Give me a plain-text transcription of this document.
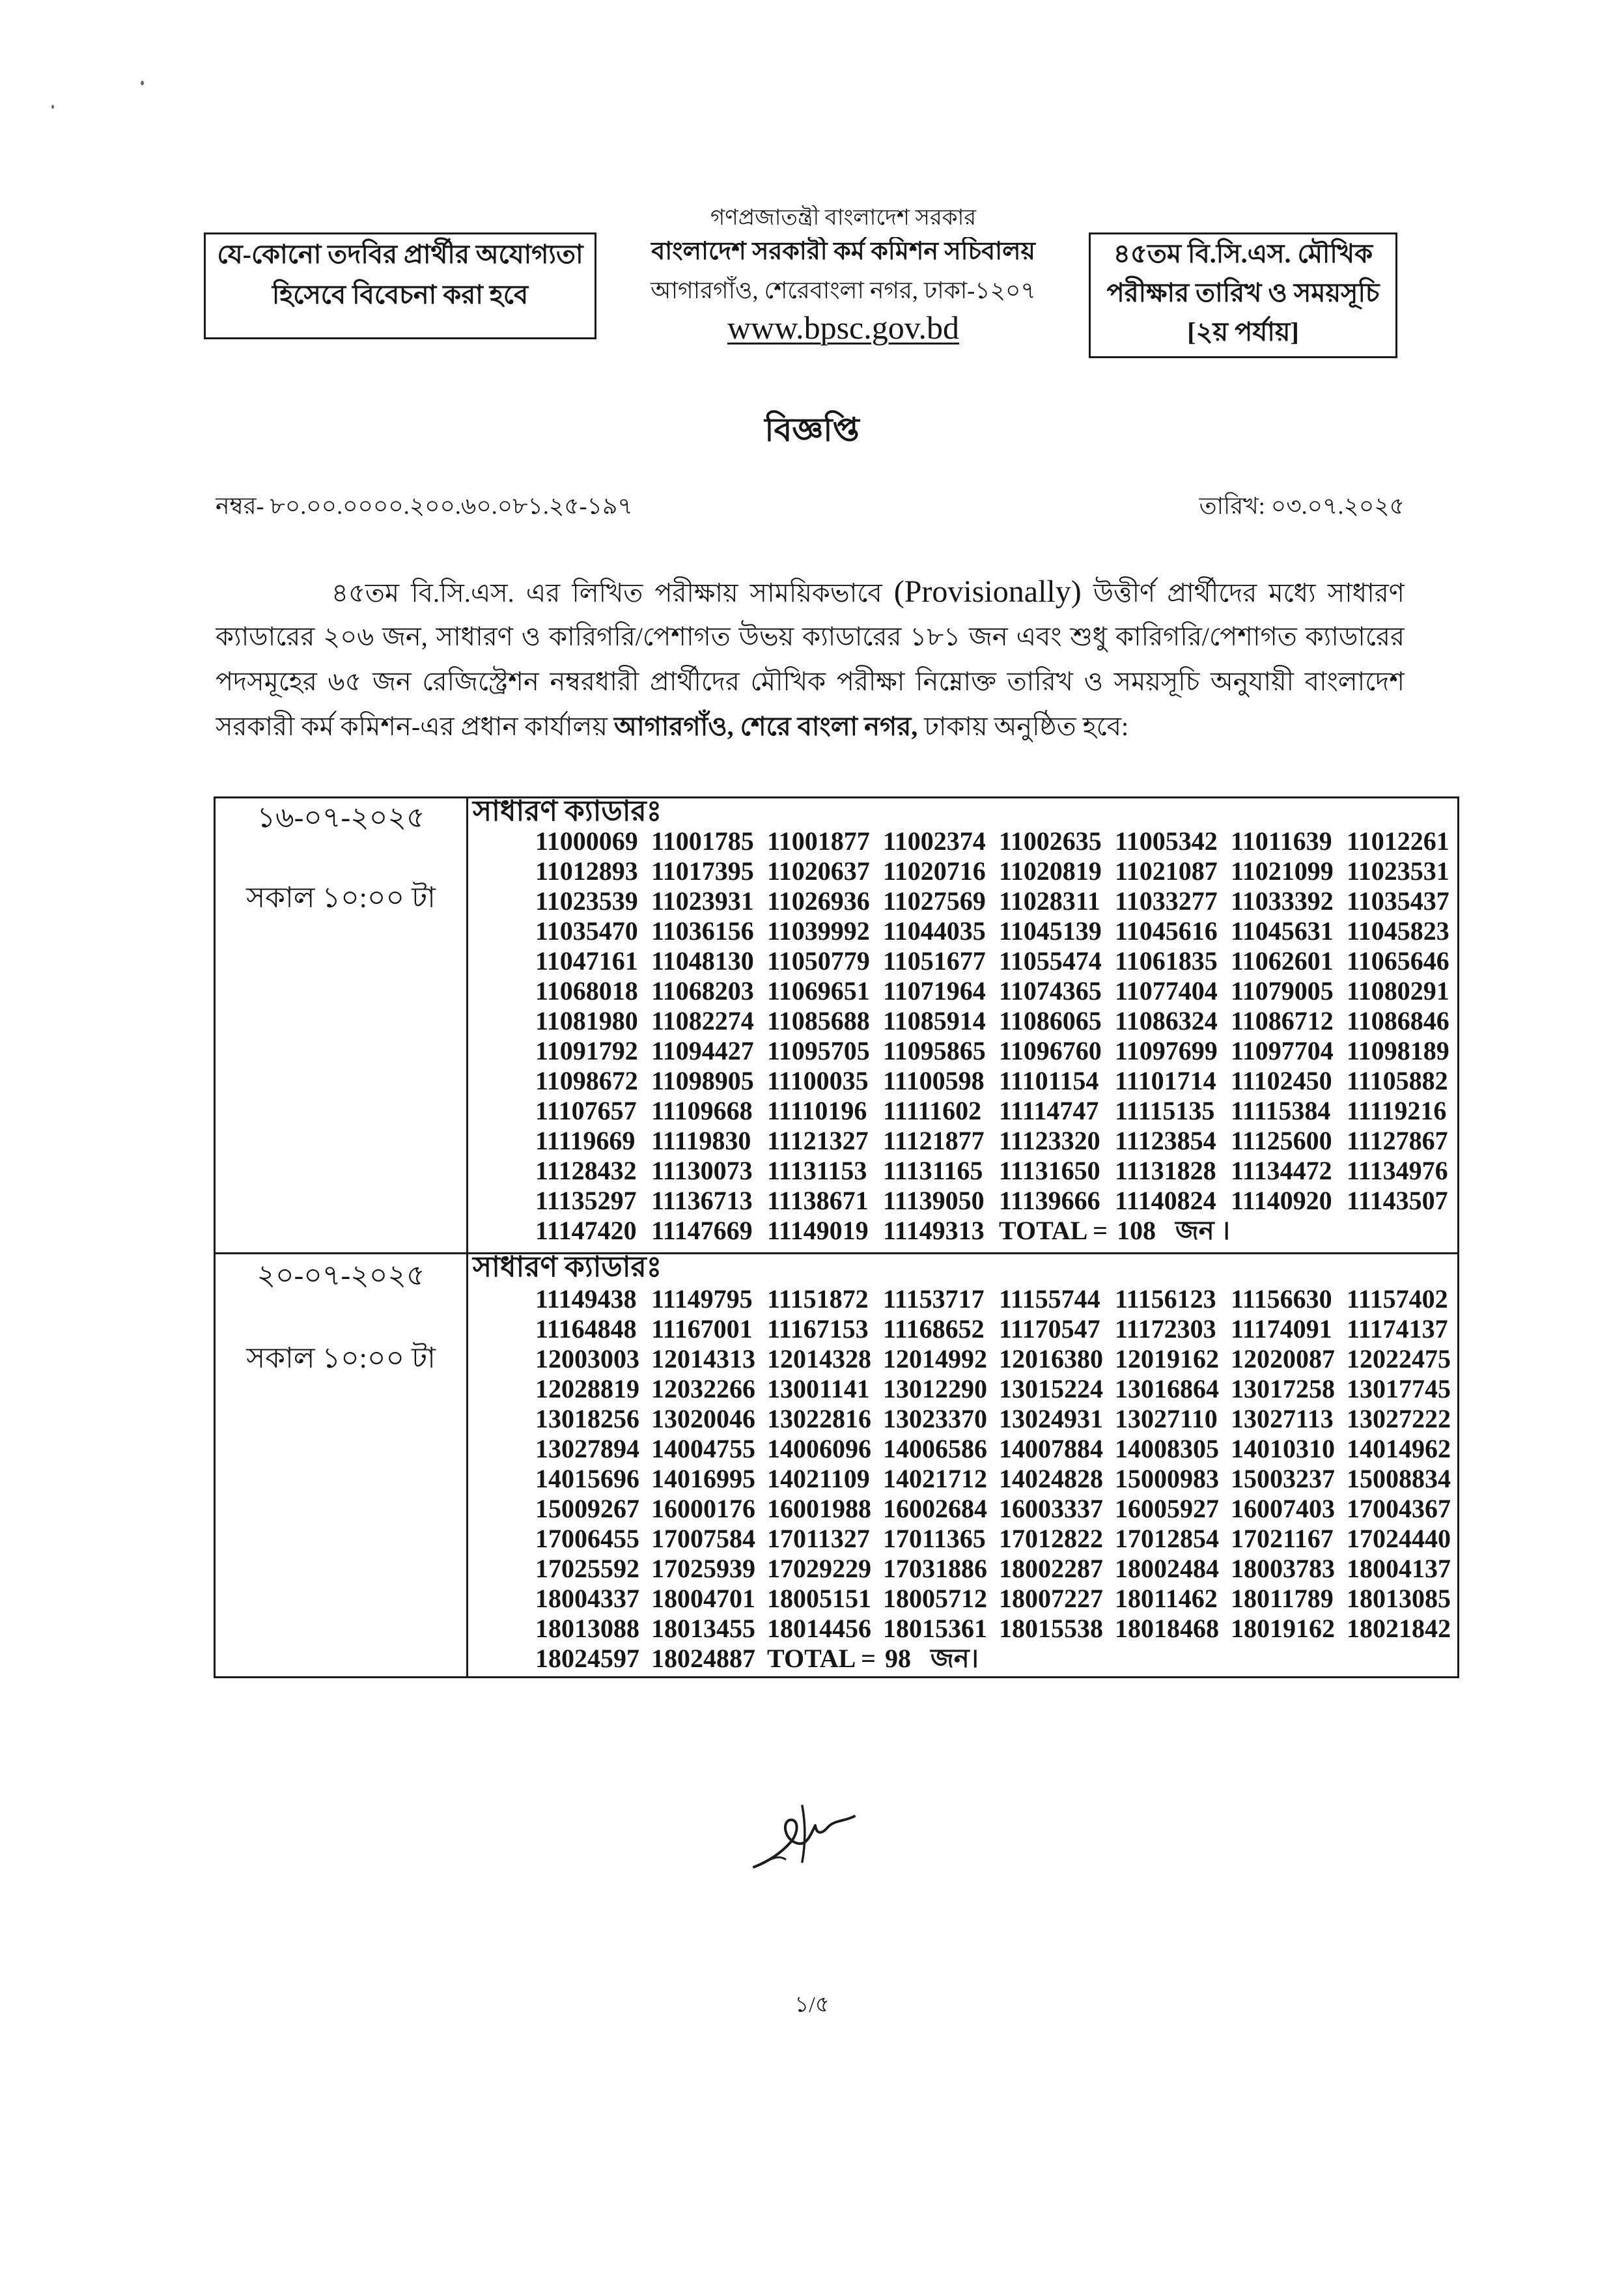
গণপ্রজাতন্ত্রী বাংলাদেশ সরকার
বাংলাদেশ সরকারী কর্ম কমিশন সচিবালয়
আগারগাঁও, শেরেবাংলা নগর, ঢাকা-১২০৭
www.bpsc.gov.bd
যে-কোনো তদবির প্রার্থীর অযোগ্যতা
হিসেবে বিবেচনা করা হবে
৪৫তম বি.সি.এস. মৌখিক
পরীক্ষার তারিখ ও সময়সূচি
[২য় পর্যায়]
বিজ্ঞপ্তি
নম্বর- ৮০.০০.০০০০.২০০.৬০.০৮১.২৫-১৯৭	তারিখ: ০৩.০৭.২০২৫
৪৫তম বি.সি.এস. এর লিখিত পরীক্ষায় সাময়িকভাবে (Provisionally) উত্তীর্ণ প্রার্থীদের মধ্যে সাধারণ
ক্যাডারের ২০৬ জন, সাধারণ ও কারিগরি/পেশাগত উভয় ক্যাডারের ১৮১ জন এবং শুধু কারিগরি/পেশাগত ক্যাডারের
পদসমূহের ৬৫ জন রেজিস্ট্রেশন নম্বরধারী প্রার্থীদের মৌখিক পরীক্ষা নিম্নোক্ত তারিখ ও সময়সূচি অনুযায়ী বাংলাদেশ
সরকারী কর্ম কমিশন-এর প্রধান কার্যালয় আগারগাঁও, শেরে বাংলা নগর, ঢাকায় অনুষ্ঠিত হবে:
১৬-০৭-২০২৫
সকাল ১০:০০ টা
সাধারণ ক্যাডারঃ
11000069 11001785 11001877 11002374 11002635 11005342 11011639 11012261
11012893 11017395 11020637 11020716 11020819 11021087 11021099 11023531
11023539 11023931 11026936 11027569 11028311 11033277 11033392 11035437
11035470 11036156 11039992 11044035 11045139 11045616 11045631 11045823
11047161 11048130 11050779 11051677 11055474 11061835 11062601 11065646
11068018 11068203 11069651 11071964 11074365 11077404 11079005 11080291
11081980 11082274 11085688 11085914 11086065 11086324 11086712 11086846
11091792 11094427 11095705 11095865 11096760 11097699 11097704 11098189
11098672 11098905 11100035 11100598 11101154 11101714 11102450 11105882
11107657 11109668 11110196 11111602 11114747 11115135 11115384 11119216
11119669 11119830 11121327 11121877 11123320 11123854 11125600 11127867
11128432 11130073 11131153 11131165 11131650 11131828 11134472 11134976
11135297 11136713 11138671 11139050 11139666 11140824 11140920 11143507
11147420 11147669 11149019 11149313 TOTAL = 108 জন ।
২০-০৭-২০২৫
সকাল ১০:০০ টা
সাধারণ ক্যাডারঃ
11149438 11149795 11151872 11153717 11155744 11156123 11156630 11157402
11164848 11167001 11167153 11168652 11170547 11172303 11174091 11174137
12003003 12014313 12014328 12014992 12016380 12019162 12020087 12022475
12028819 12032266 13001141 13012290 13015224 13016864 13017258 13017745
13018256 13020046 13022816 13023370 13024931 13027110 13027113 13027222
13027894 14004755 14006096 14006586 14007884 14008305 14010310 14014962
14015696 14016995 14021109 14021712 14024828 15000983 15003237 15008834
15009267 16000176 16001988 16002684 16003337 16005927 16007403 17004367
17006455 17007584 17011327 17011365 17012822 17012854 17021167 17024440
17025592 17025939 17029229 17031886 18002287 18002484 18003783 18004137
18004337 18004701 18005151 18005712 18007227 18011462 18011789 18013085
18013088 18013455 18014456 18015361 18015538 18018468 18019162 18021842
18024597 18024887 TOTAL = 98 জন।
১/৫
